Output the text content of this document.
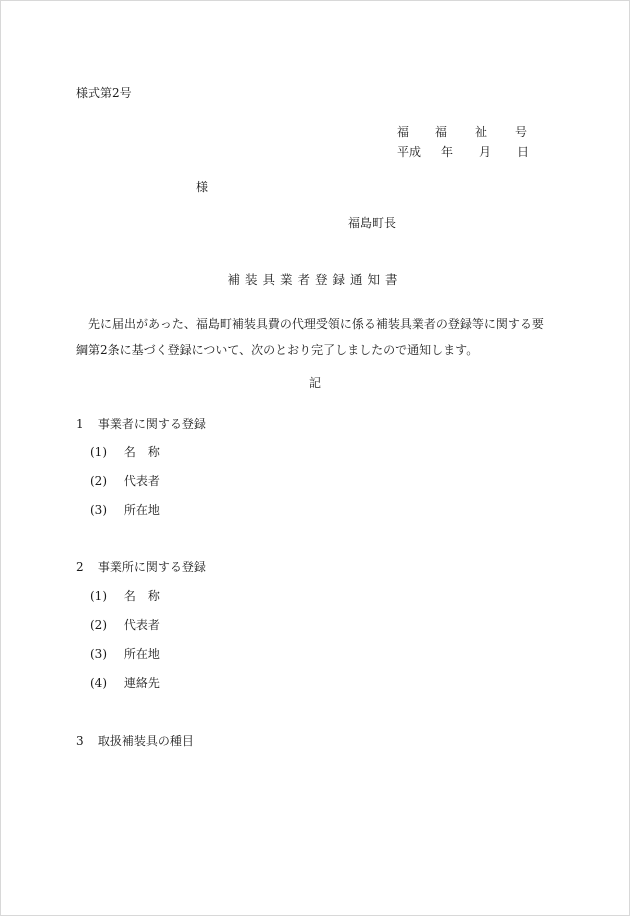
様式第2号
福	福	祉	号
平成	年	月	日
様
福島町長
補装具業者登録通知書
先に届出があった、福島町補装具費の代理受領に係る補装具業者の登録等に関する要綱第2条に基づく登録について、次のとおり完了しましたので通知します。
記
1 事業者に関する登録
(1) 名　称
(2) 代表者
(3) 所在地
2 事業所に関する登録
(1) 名　称
(2) 代表者
(3) 所在地
(4) 連絡先
3 取扱補装具の種目
